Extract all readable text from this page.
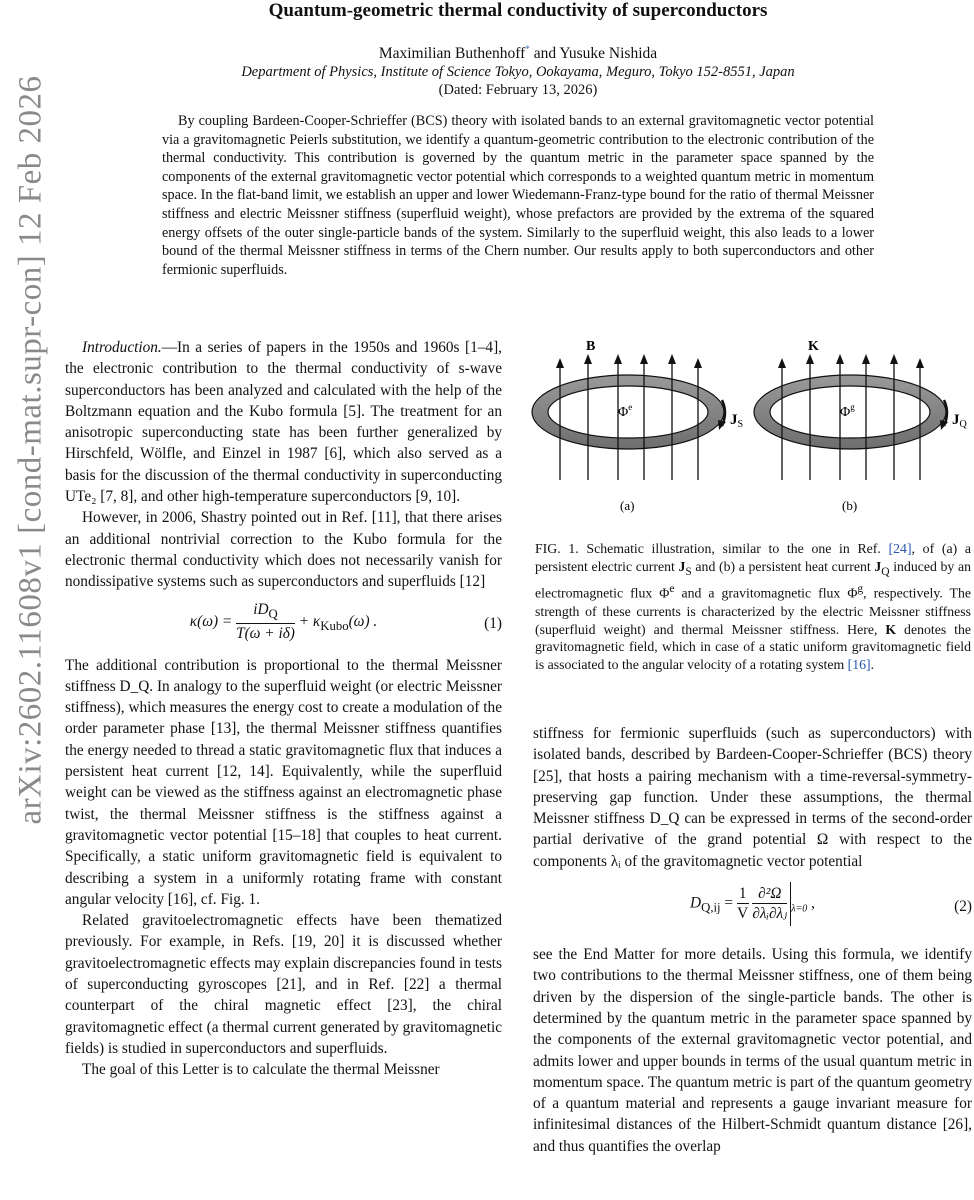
arXiv:2602.11608v1 [cond-mat.supr-con] 12 Feb 2026
Quantum-geometric thermal conductivity of superconductors
Maximilian Buthenhoff* and Yusuke Nishida
Department of Physics, Institute of Science Tokyo, Ookayama, Meguro, Tokyo 152-8551, Japan
(Dated: February 13, 2026)
By coupling Bardeen-Cooper-Schrieffer (BCS) theory with isolated bands to an external gravitomagnetic vector potential via a gravitomagnetic Peierls substitution, we identify a quantum-geometric contribution to the electronic contribution of the thermal conductivity. This contribution is governed by the quantum metric in the parameter space spanned by the components of the external gravitomagnetic vector potential which corresponds to a weighted quantum metric in momentum space. In the flat-band limit, we establish an upper and lower Wiedemann-Franz-type bound for the ratio of thermal Meissner stiffness and electric Meissner stiffness (superfluid weight), whose prefactors are provided by the extrema of the squared energy offsets of the outer single-particle bands of the system. Similarly to the superfluid weight, this also leads to a lower bound of the thermal Meissner stiffness in terms of the Chern number. Our results apply to both superconductors and other fermionic superfluids.
B
$\Phi^e$
$J_S$
(a)
K
$\Phi^g$
$J_Q$
(b)
FIG. 1. Schematic illustration, similar to the one in Ref. [24], of (a) a persistent electric current $J_S$ and (b) a persistent heat current $J_Q$ induced by an electromagnetic flux $\Phi^e$ and a gravitomagnetic flux $\Phi^g$, respectively. The strength of these currents is characterized by the electric Meissner stiffness (superfluid weight) and thermal Meissner stiffness. Here, K denotes the gravitomagnetic field, which in case of a static uniform gravitomagnetic field is associated to the angular velocity of a rotating system [16].

Introduction.—In a series of papers in the 1950s and 1960s [1–4], the electronic contribution to the thermal conductivity of s-wave superconductors has been analyzed and calculated with the help of the Boltzmann equation and the Kubo formula [5]. The treatment for an anisotropic superconducting state has been further generalized by Hirschfeld, Wölfle, and Einzel in 1987 [6], which also served as a basis for the discussion of the thermal conductivity in superconducting UTe₂ [7, 8], and other high-temperature superconductors [9, 10].

However, in 2006, Shastry pointed out in Ref. [11], that there arises an additional nontrivial correction to the Kubo formula for the electronic thermal conductivity which does not necessarily vanish for nondissipative systems such as superconductors and superfluids [12]

$\kappa(\omega) = \frac{iD_Q}{T(\omega + i\delta)} + \kappa_{Kubo}(\omega)$ .	(1)

The additional contribution is proportional to the thermal Meissner stiffness D_Q. In analogy to the superfluid weight (or electric Meissner stiffness), which measures the energy cost to create a modulation of the order parameter phase [13], the thermal Meissner stiffness quantifies the energy needed to thread a static gravitomagnetic flux that induces a persistent heat current [12, 14]. Equivalently, while the superfluid weight can be viewed as the stiffness against an electromagnetic phase twist, the thermal Meissner stiffness is the stiffness against a gravitomagnetic vector potential [15–18] that couples to heat current. Specifically, a static uniform gravitomagnetic field is equivalent to describing a system in a uniformly rotating frame with constant angular velocity [16], cf. Fig. 1.

Related gravitoelectromagnetic effects have been thematized previously. For example, in Refs. [19, 20] it is discussed whether gravitoelectromagnetic effects may explain discrepancies found in tests of superconducting gyroscopes [21], and in Ref. [22] a thermal counterpart of the chiral magnetic effect [23], the chiral gravitomagnetic effect (a thermal current generated by gravitomagnetic fields) is studied in superconductors and superfluids.

The goal of this Letter is to calculate the thermal Meissner

stiffness for fermionic superfluids (such as superconductors) with isolated bands, described by Bardeen-Cooper-Schrieffer (BCS) theory [25], that hosts a pairing mechanism with a time-reversal-symmetry-preserving gap function. Under these assumptions, the thermal Meissner stiffness D_Q can be expressed in terms of the second-order partial derivative of the grand potential Ω with respect to the components λᵢ of the gravitomagnetic vector potential

$D_{Q,ij} = \frac{1}{V}$
$\frac{\text{∂²Ω}}{\text{∂λᵢ∂λⱼ}} _{\lambda=0}$ ,	(2)

see the End Matter for more details. Using this formula, we identify two contributions to the thermal Meissner stiffness, one of them being driven by the dispersion of the single-particle bands. The other is determined by the quantum metric in the parameter space spanned by the components of the external gravitomagnetic vector potential, and admits lower and upper bounds in terms of the usual quantum metric in momentum space. The quantum metric is part of the quantum geometry of a quantum material and represents a gauge invariant measure for infinitesimal distances of the Hilbert-Schmidt quantum distance [26], and thus quantifies the overlap
